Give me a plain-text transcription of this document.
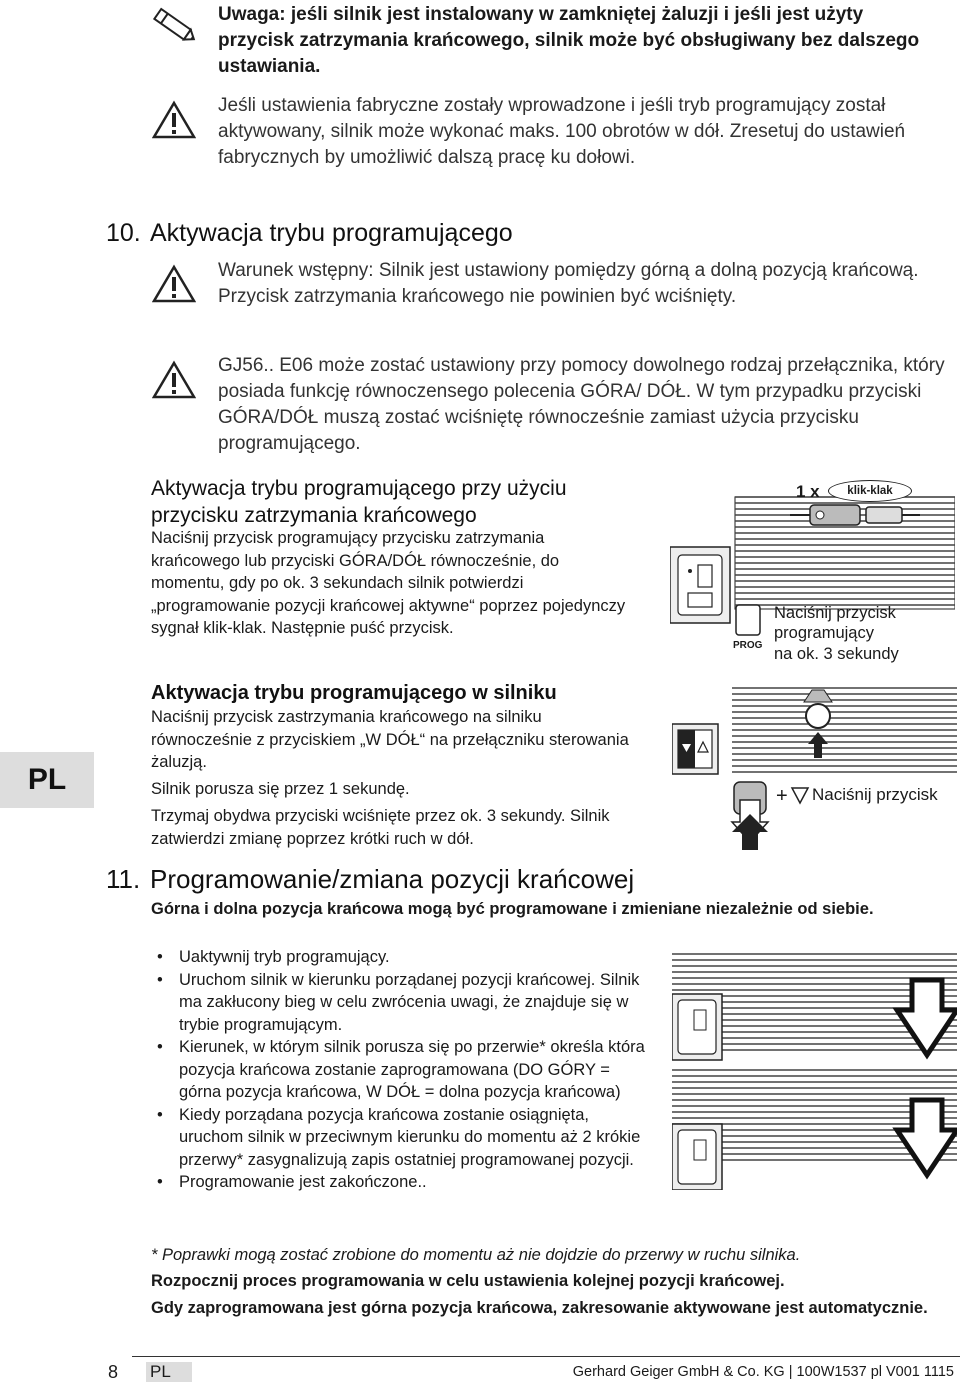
Uwaga: jeśli silnik jest instalowany w zamkniętej żaluzji i jeśli jest użyty przycisk zatrzymania krańcowego, silnik może być obsługiwany bez dalszego ustawiania.
Jeśli ustawienia fabryczne zostały wprowadzone i jeśli tryb programujący został aktywowany, silnik może wykonać maks. 100 obrotów w dół. Zresetuj do ustawień fabrycznych by umożliwić dalszą pracę ku dołowi.
10. Aktywacja trybu programującego
Warunek wstępny: Silnik jest ustawiony pomiędzy górną a dolną pozycją krańcową. Przycisk zatrzymania krańcowego nie powinien być wciśnięty.
GJ56.. E06 może zostać ustawiony przy pomocy dowolnego rodzaj przełącznika, który posiada funkcję równoczensego polecenia GÓRA/ DÓŁ. W tym przypadku przyciski GÓRA/DÓŁ muszą zostać wciśniętę równocześnie zamiast użycia przycisku programującego.
Aktywacja trybu programującego przy użyciu przycisku zatrzymania krańcowego
Naciśnij przycisk programujący przycisku zatrzymania krańcowego lub przyciski GÓRA/DÓŁ równocześnie, do momentu, gdy po ok. 3 sekundach silnik potwierdzi „programowanie pozycji krańcowej aktywne“ poprzez pojedynczy sygnał klik-klak. Następnie puść przycisk.
1 x	klik-klak
PROG
Naciśnij przycisk
programujący
na ok. 3 sekundy
Aktywacja trybu programującego w silniku
Naciśnij przycisk zastrzymania krańcowego na silniku równocześnie z przyciskiem „W DÓŁ“ na przełączniku sterowania żaluzją.
Silnik porusza się przez 1 sekundę.
Trzymaj obydwa przyciski wciśnięte przez ok. 3 sekundy. Silnik zatwierdzi zmianę poprzez krótki ruch w dół.
+ Naciśnij przycisk
PL
11. Programowanie/zmiana pozycji krańcowej
Górna i dolna pozycja krańcowa mogą być programowane i zmieniane niezależnie od siebie.
• Uaktywnij tryb programujący.
• Uruchom silnik w kierunku porządanej pozycji krańcowej. Silnik ma zakłucony bieg w celu zwrócenia uwagi, że znajduje się w trybie programującym.
• Kierunek, w którym silnik porusza się po przerwie* określa która pozycja krańcowa zostanie zaprogramowana (DO GÓRY = górna pozycja krańcowa, W DÓŁ = dolna pozycja krańcowa)
• Kiedy porządana pozycja krańcowa zostanie osiągnięta, uruchom silnik w przeciwnym kierunku do momentu aż 2 krókie przerwy* zasygnalizują zapis ostatniej programowanej pozycji.
• Programowanie jest zakończone..
* Poprawki mogą zostać zrobione do momentu aż nie dojdzie do przerwy w ruchu silnika.
Rozpocznij proces programowania w celu ustawienia kolejnej pozycji krańcowej.
Gdy zaprogramowana jest górna pozycja krańcowa, zakresowanie aktywowane jest automatycznie.
8 PL	Gerhard Geiger GmbH & Co. KG | 100W1537 pl V001 1115
